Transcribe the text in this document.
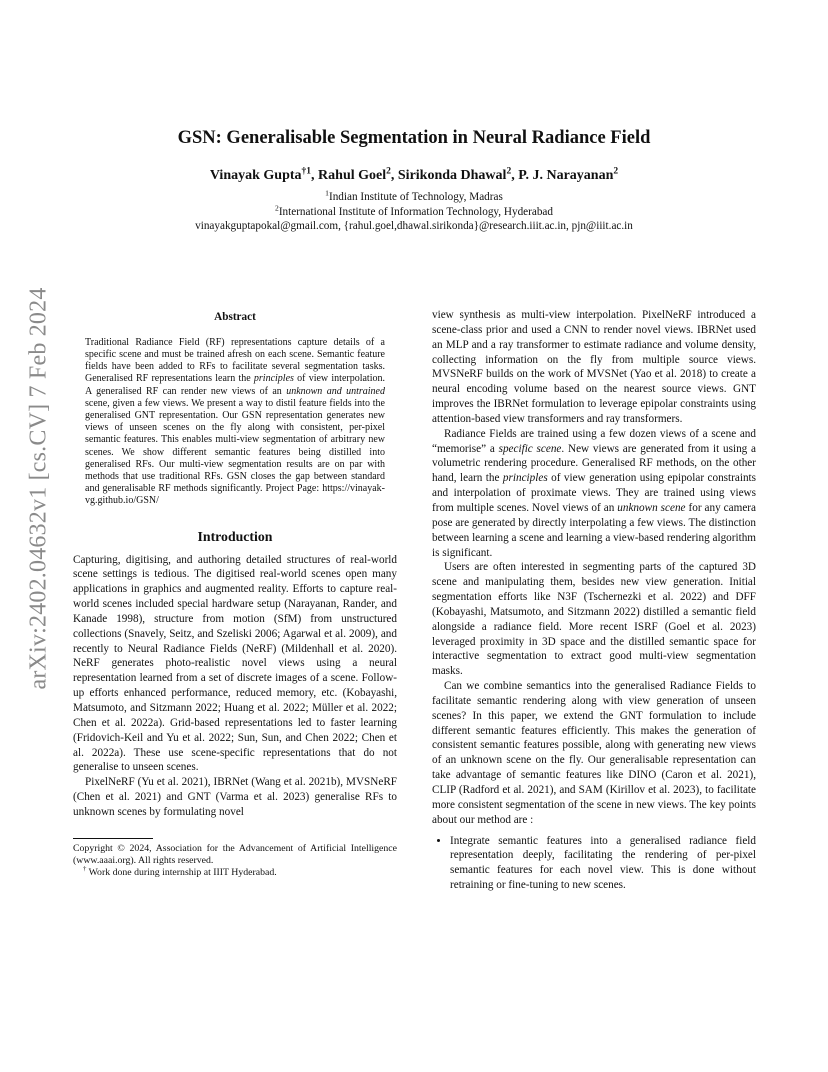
arXiv:2402.04632v1 [cs.CV] 7 Feb 2024
GSN: Generalisable Segmentation in Neural Radiance Field
Vinayak Gupta$^{\dagger 1}$, Rahul Goel$^2$, Sirikonda Dhawal$^2$, P. J. Narayanan$^2$
$^1$Indian Institute of Technology, Madras
$^2$International Institute of Information Technology, Hyderabad
vinayakguptapokal@gmail.com, {rahul.goel,dhawal.sirikonda}@research.iiit.ac.in, pjn@iiit.ac.in
Abstract

Traditional Radiance Field (RF) representations capture details of a specific scene and must be trained afresh on each scene. Semantic feature fields have been added to RFs to facilitate several segmentation tasks. Generalised RF representations learn the principles of view interpolation. A generalised RF can render new views of an unknown and untrained scene, given a few views. We present a way to distil feature fields into the generalised GNT representation. Our GSN representation generates new views of unseen scenes on the fly along with consistent, per-pixel semantic features. This enables multi-view segmentation of arbitrary new scenes. We show different semantic features being distilled into generalised RFs. Our multi-view segmentation results are on par with methods that use traditional RFs. GSN closes the gap between standard and generalisable RF methods significantly. Project Page: https://vinayak-vg.github.io/GSN/

Introduction

Capturing, digitising, and authoring detailed structures of real-world scene settings is tedious. The digitised real-world scenes open many applications in graphics and augmented reality. Efforts to capture real-world scenes included special hardware setup (Narayanan, Rander, and Kanade 1998), structure from motion (SfM) from unstructured collections (Snavely, Seitz, and Szeliski 2006; Agarwal et al. 2009), and recently to Neural Radiance Fields (NeRF) (Mildenhall et al. 2020). NeRF generates photo-realistic novel views using a neural representation learned from a set of discrete images of a scene. Follow-up efforts enhanced performance, reduced memory, etc. (Kobayashi, Matsumoto, and Sitzmann 2022; Huang et al. 2022; Müller et al. 2022; Chen et al. 2022a). Grid-based representations led to faster learning (Fridovich-Keil and Yu et al. 2022; Sun, Sun, and Chen 2022; Chen et al. 2022a). These use scene-specific representations that do not generalise to unseen scenes.

PixelNeRF (Yu et al. 2021), IBRNet (Wang et al. 2021b), MVSNeRF (Chen et al. 2021) and GNT (Varma et al. 2023) generalise RFs to unknown scenes by formulating novel

Copyright © 2024, Association for the Advancement of Artificial Intelligence (www.aaai.org). All rights reserved.

† Work done during internship at IIIT Hyderabad.

view synthesis as multi-view interpolation. PixelNeRF introduced a scene-class prior and used a CNN to render novel views. IBRNet used an MLP and a ray transformer to estimate radiance and volume density, collecting information on the fly from multiple source views. MVSNeRF builds on the work of MVSNet (Yao et al. 2018) to create a neural encoding volume based on the nearest source views. GNT improves the IBRNet formulation to leverage epipolar constraints using attention-based view transformers and ray transformers.

Radiance Fields are trained using a few dozen views of a scene and “memorise” a specific scene. New views are generated from it using a volumetric rendering procedure. Generalised RF methods, on the other hand, learn the principles of view generation using epipolar constraints and interpolation of proximate views. They are trained using views from multiple scenes. Novel views of an unknown scene for any camera pose are generated by directly interpolating a few views. The distinction between learning a scene and learning a view-based rendering algorithm is significant.

Users are often interested in segmenting parts of the captured 3D scene and manipulating them, besides new view generation. Initial segmentation efforts like N3F (Tschernezki et al. 2022) and DFF (Kobayashi, Matsumoto, and Sitzmann 2022) distilled a semantic field alongside a radiance field. More recent ISRF (Goel et al. 2023) leveraged proximity in 3D space and the distilled semantic space for interactive segmentation to extract good multi-view segmentation masks.

Can we combine semantics into the generalised Radiance Fields to facilitate semantic rendering along with view generation of unseen scenes? In this paper, we extend the GNT formulation to include different semantic features efficiently. This makes the generation of consistent semantic features possible, along with generating new views of an unknown scene on the fly. Our generalisable representation can take advantage of semantic features like DINO (Caron et al. 2021), CLIP (Radford et al. 2021), and SAM (Kirillov et al. 2023), to facilitate more consistent segmentation of the scene in new views. The key points about our method are :

• Integrate semantic features into a generalised radiance field representation deeply, facilitating the rendering of per-pixel semantic features for each novel view. This is done without retraining or fine-tuning to new scenes.
